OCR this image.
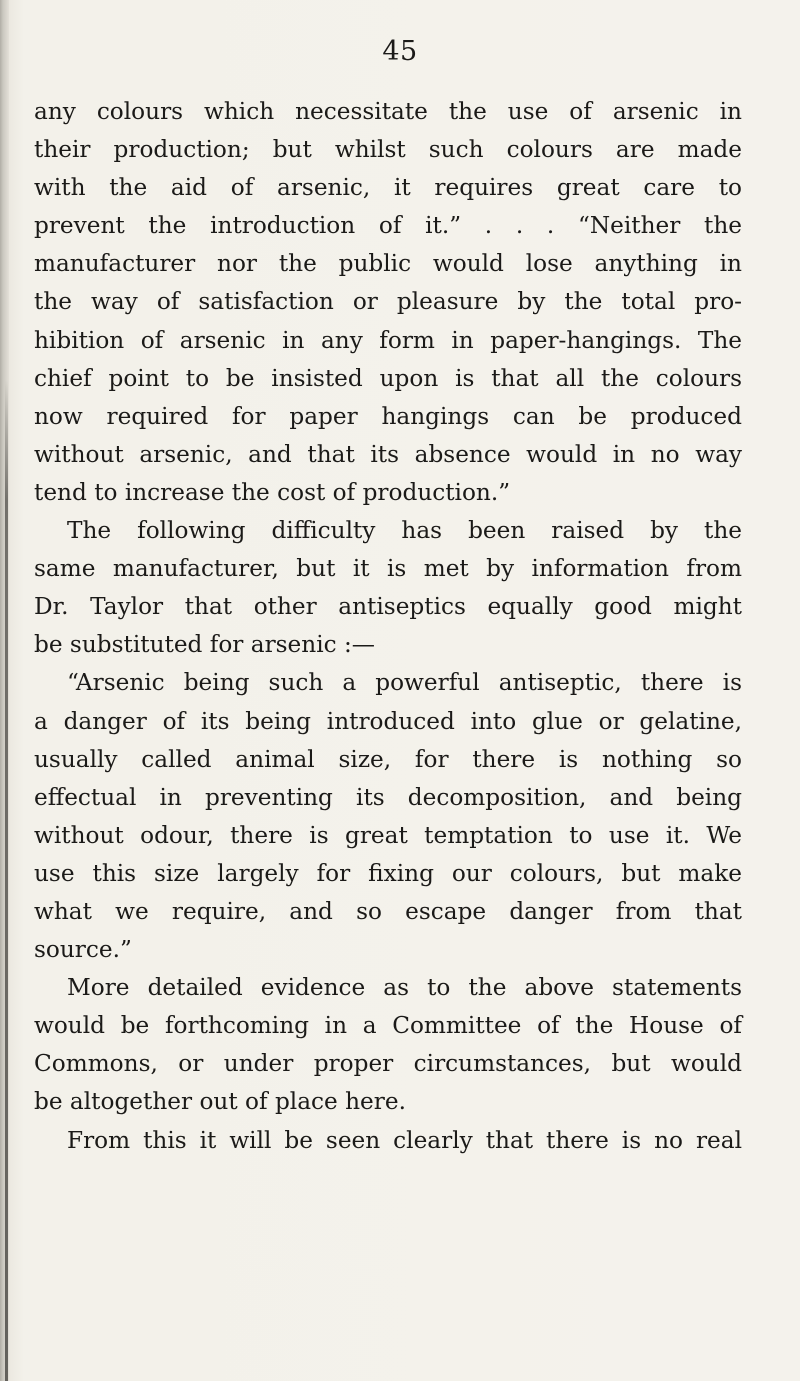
45
any colours which necessitate the use of arsenic in
their production; but whilst such colours are made
with the aid of arsenic, it requires great care to
prevent the introduction of it.” . . . “Neither the
manufacturer nor the public would lose anything in
the way of satisfaction or pleasure by the total pro-
hibition of arsenic in any form in paper-hangings. The
chief point to be insisted upon is that all the colours
now required for paper hangings can be produced
without arsenic, and that its absence would in no way
tend to increase the cost of production.”
The following difficulty has been raised by the
same manufacturer, but it is met by information from
Dr. Taylor that other antiseptics equally good might
be substituted for arsenic :—
“Arsenic being such a powerful antiseptic, there is
a danger of its being introduced into glue or gelatine,
usually called animal size, for there is nothing so
effectual in preventing its decomposition, and being
without odour, there is great temptation to use it. We
use this size largely for fixing our colours, but make
what we require, and so escape danger from that
source.”
More detailed evidence as to the above statements
would be forthcoming in a Committee of the House of
Commons, or under proper circumstances, but would
be altogether out of place here.
From this it will be seen clearly that there is no real
